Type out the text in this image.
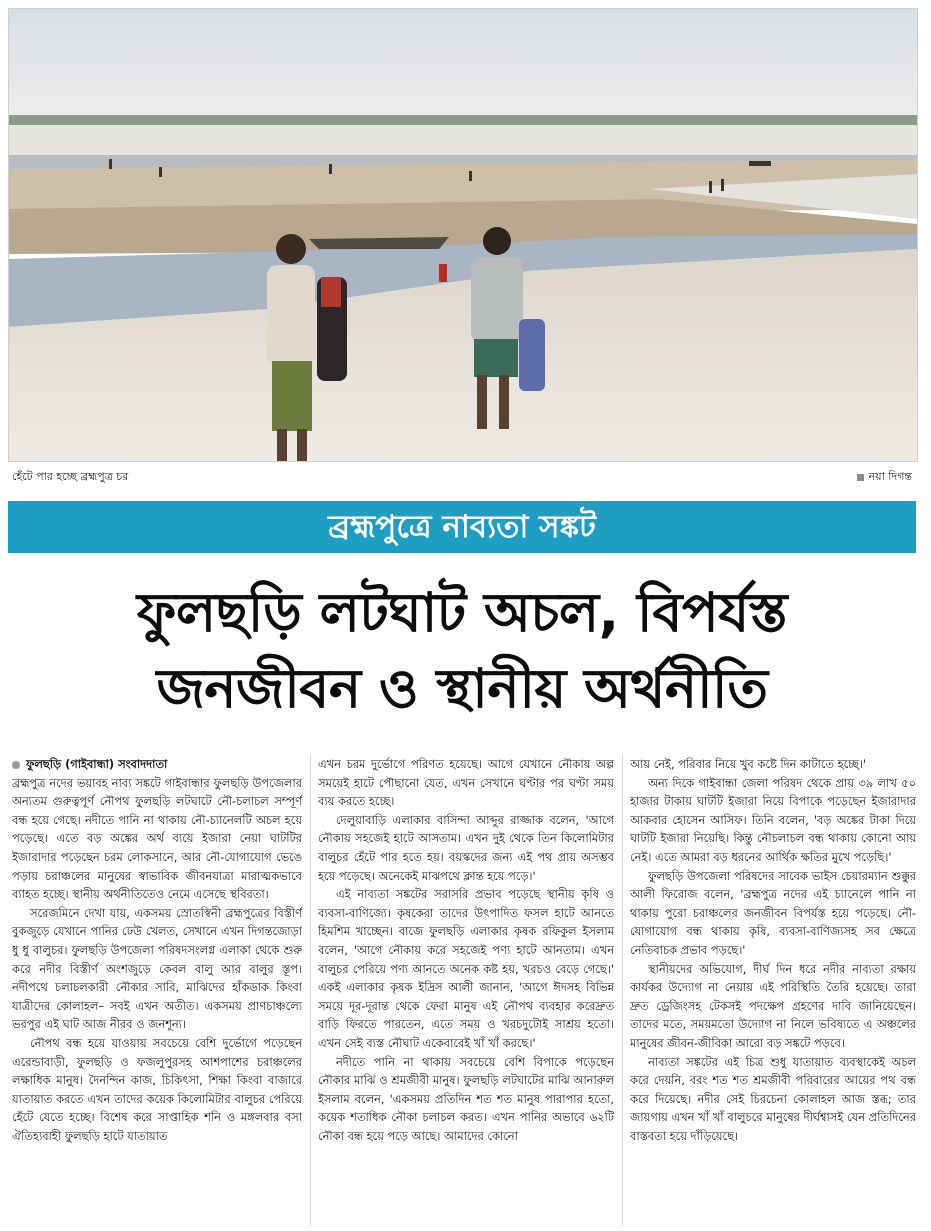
হেঁটে পার হচ্ছে ব্রহ্মপুত্র চর	নয়া দিগন্ত
ব্রহ্মপুত্রে নাব্যতা সঙ্কট
ফুলছড়ি লটঘাট অচল, বিপর্যস্ত
জনজীবন ও স্থানীয় অর্থনীতি

ফুলছড়ি (গাইবান্ধা) সংবাদদাতা

ব্রহ্মপুত্র নদের ভয়াবহ নাব্য সঙ্কটে গাইবান্ধার ফুলছড়ি উপজেলার অন্যতম গুরুত্বপূর্ণ নৌপথ ফুলছড়ি লটঘাটে নৌ-চলাচল সম্পূর্ণ বন্ধ হয়ে গেছে। নদীতে পানি না থাকায় নৌ-চ্যানেলটি অচল হয়ে পড়েছে। এতে বড় অঙ্কের অর্থ ব্যয়ে ইজারা নেয়া ঘাটটির ইজারাদার পড়েছেন চরম লোকসানে, আর নৌ-যোগাযোগ ভেঙে পড়ায় চরাঞ্চলের মানুষের স্বাভাবিক জীবনযাত্রা মারাত্মকভাবে ব্যাহত হচ্ছে। স্থানীয় অর্থনীতিতেও নেমে এসেছে স্থবিরতা।

সরেজমিনে দেখা যায়, একসময় স্রোতস্বিনী ব্রহ্মপুত্রের বিস্তীর্ণ বুকজুড়ে যেখানে পানির ঢেউ খেলত, সেখানে এখন দিগন্তজোড়া ধু ধু বালুচর। ফুলছড়ি উপজেলা পরিষদসংলগ্ন এলাকা থেকে শুরু করে নদীর বিস্তীর্ণ অংশজুড়ে কেবল বালু আর বালুর স্তূপ। নদীপথে চলাচলকারী নৌকার সারি, মাঝিদের হাঁকডাক কিংবা যাত্রীদের কোলাহল– সবই এখন অতীত। একসময় প্রাণচাঞ্চল্যে ভরপুর এই ঘাট আজ নীরব ও জনশূন্য।

নৌপথ বন্ধ হয়ে যাওয়ায় সবচেয়ে বেশি দুর্ভোগে পড়েছেন এরেন্ডাবাড়ী, ফুলছড়ি ও ফজলুপুরসহ আশপাশের চরাঞ্চলের লক্ষাধিক মানুষ। দৈনন্দিন কাজ, চিকিৎসা, শিক্ষা কিংবা বাজারে যাতায়াত করতে এখন তাদের কয়েক কিলোমিটার বালুচর পেরিয়ে হেঁটে যেতে হচ্ছে। বিশেষ করে সাপ্তাহিক শনি ও মঙ্গলবার বসা ঐতিহ্যবাহী ফুলছড়ি হাটে যাতায়াত

এখন চরম দুর্ভোগে পরিণত হয়েছে। আগে যেখানে নৌকায় অল্প সময়েই হাটে পৌছানো যেত, এখন সেখানে ঘণ্টার পর ঘণ্টা সময় ব্যয় করতে হচ্ছে।

দেলুয়াবাড়ি এলাকার বাসিন্দা আব্দুর রাজ্জাক বলেন, 'আগে নৌকায় সহজেই হাটে আসতাম। এখন দুই থেকে তিন কিলোমিটার বালুচর হেঁটে পার হতে হয়। বয়স্কদের জন্য এই পথ প্রায় অসম্ভব হয়ে পড়েছে। অনেকেই মাঝপথে ক্লান্ত হয়ে পড়ে।'

এই নাব্যতা সঙ্কটের সরাসরি প্রভাব পড়েছে স্থানীয় কৃষি ও ব্যবসা-বাণিজ্যে। কৃষকেরা তাদের উৎপাদিত ফসল হাটে আনতে হিমশিম খাচ্ছেন। বাজে ফুলছড়ি এলাকার কৃষক রফিকুল ইসলাম বলেন, 'আগে নৌকায় করে সহজেই পণ্য হাটে আনতাম। এখন বালুচর পেরিয়ে পণ্য আনতে অনেক কষ্ট হয়, খরচও বেড়ে গেছে।' একই এলাকার কৃষক ইদ্রিস আলী জানান, 'আগে ঈদসহ বিভিন্ন সময়ে দূর-দূরান্ত থেকে ফেরা মানুষ এই নৌপথ ব্যবহার করেদ্রুত বাড়ি ফিরতে পারতেন, এতে সময় ও খরচদুটোই সাশ্রয় হতো। এখন সেই ব্যস্ত নৌঘাট একেবারেই খাঁ খাঁ করছে।'

নদীতে পানি না থাকায় সবচেয়ে বেশি বিপাকে পড়েছেন নৌকার মাঝি ও শ্রমজীবী মানুষ। ফুলছড়ি লটঘাটের মাঝি আনারুল ইসলাম বলেন, 'একসময় প্রতিদিন শত শত মানুষ পারাপার হতো, কয়েক শতাধিক নৌকা চলাচল করত। এখন পানির অভাবে ৬২টি নৌকা বন্ধ হয়ে পড়ে আছে। আমাদের কোনো

আয় নেই, পরিবার নিয়ে খুব কষ্টে দিন কাটাতে হচ্ছে।'

অন্য দিকে গাইবান্ধা জেলা পরিষদ থেকে প্রায় ৩৯ লাখ ৫০ হাজার টাকায় ঘাটটি ইজারা নিয়ে বিপাকে পড়েছেন ইজারাদার আকবার হোসেন আসিফ। তিনি বলেন, 'বড় অঙ্কের টাকা দিয়ে ঘাটটি ইজারা নিয়েছি। কিন্তু নৌচলাচল বন্ধ থাকায় কোনো আয় নেই। এতে আমরা বড় ধরনের আর্থিক ক্ষতির মুখে পড়েছি।'

ফুলছড়ি উপজেলা পরিষদের সাবেক ভাইস চেয়ারম্যান শুক্কুর আলী ফিরোজ বলেন, 'ব্রহ্মপুত্র নদের এই চ্যানেলে পানি না থাকায় পুরো চরাঞ্চলের জনজীবন বিপর্যস্ত হয়ে পড়েছে। নৌ-যোগাযোগ বন্ধ থাকায় কৃষি, ব্যবসা-বাণিজ্যসহ সব ক্ষেত্রে নেতিবাচক প্রভাব পড়ছে।'

স্থানীয়দের অভিযোগ, দীর্ঘ দিন ধরে নদীর নাব্যতা রক্ষায় কার্যকর উদ্যোগ না নেয়ায় এই পরিস্থিতি তৈরি হয়েছে। তারা দ্রুত ড্রেজিংসহ টেকসই পদক্ষেপ গ্রহণের দাবি জানিয়েছেন। তাদের মতে, সময়মতো উদ্যোগ না নিলে ভবিষ্যতে এ অঞ্চলের মানুষের জীবন-জীবিকা আরো বড় সঙ্কটে পড়বে।

নাব্যতা সঙ্কটের এই চিত্র শুধু যাতায়াত ব্যবস্থাকেই অচল করে দেয়নি, বরং শত শত শ্রমজীবী পরিবারের আয়ের পথ বন্ধ করে দিয়েছে। নদীর সেই চিরচেনা কোলাহল আজ স্তব্ধ; তার জায়গায় এখন খাঁ খাঁ বালুচরে মানুষের দীর্ঘশ্বাসই যেন প্রতিদিনের বাস্তবতা হয়ে দাঁড়িয়েছে।
